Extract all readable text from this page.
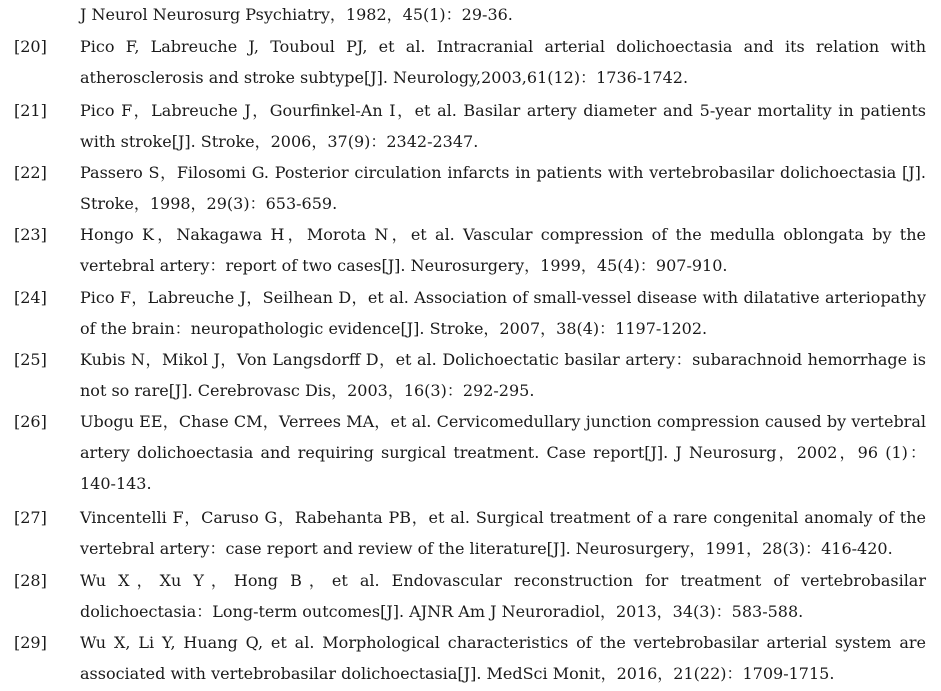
J Neurol Neurosurg Psychiatry，1982，45(1)：29-36.
[20]	Pico F, Labreuche J, Touboul PJ, et al. Intracranial arterial dolichoectasia and its relation with atherosclerosis and stroke subtype[J]. Neurology,2003,61(12)：1736-1742.
[21]	Pico F，Labreuche J，Gourfinkel-An I，et al. Basilar artery diameter and 5-year mortality in patients with stroke[J]. Stroke，2006，37(9)：2342-2347.
[22]	Passero S，Filosomi G. Posterior circulation infarcts in patients with vertebrobasilar dolichoectasia [J]. Stroke，1998，29(3)：653-659.
[23]	Hongo K，Nakagawa H，Morota N，et al. Vascular compression of the medulla oblongata by the vertebral artery：report of two cases[J]. Neurosurgery，1999，45(4)：907-910.
[24]	Pico F，Labreuche J，Seilhean D，et al. Association of small-vessel disease with dilatative arteriopathy of the brain：neuropathologic evidence[J]. Stroke，2007，38(4)：1197-1202.
[25]	Kubis N，Mikol J，Von Langsdorff D，et al. Dolichoectatic basilar artery：subarachnoid hemorrhage is not so rare[J]. Cerebrovasc Dis，2003，16(3)：292-295.
[26]	Ubogu EE，Chase CM，Verrees MA，et al. Cervicomedullary junction compression caused by vertebral artery dolichoectasia and requiring surgical treatment. Case report[J]. J Neurosurg，2002，96 (1)：140-143.
[27]	Vincentelli F，Caruso G，Rabehanta PB，et al. Surgical treatment of a rare congenital anomaly of the vertebral artery：case report and review of the literature[J]. Neurosurgery，1991，28(3)：416-420.
[28]	Wu X，Xu Y，Hong B，et al. Endovascular reconstruction for treatment of vertebrobasilar dolichoectasia：Long-term outcomes[J]. AJNR Am J Neuroradiol，2013，34(3)：583-588.
[29]	Wu X, Li Y, Huang Q, et al. Morphological characteristics of the vertebrobasilar arterial system are associated with vertebrobasilar dolichoectasia[J]. MedSci Monit，2016，21(22)：1709-1715.
